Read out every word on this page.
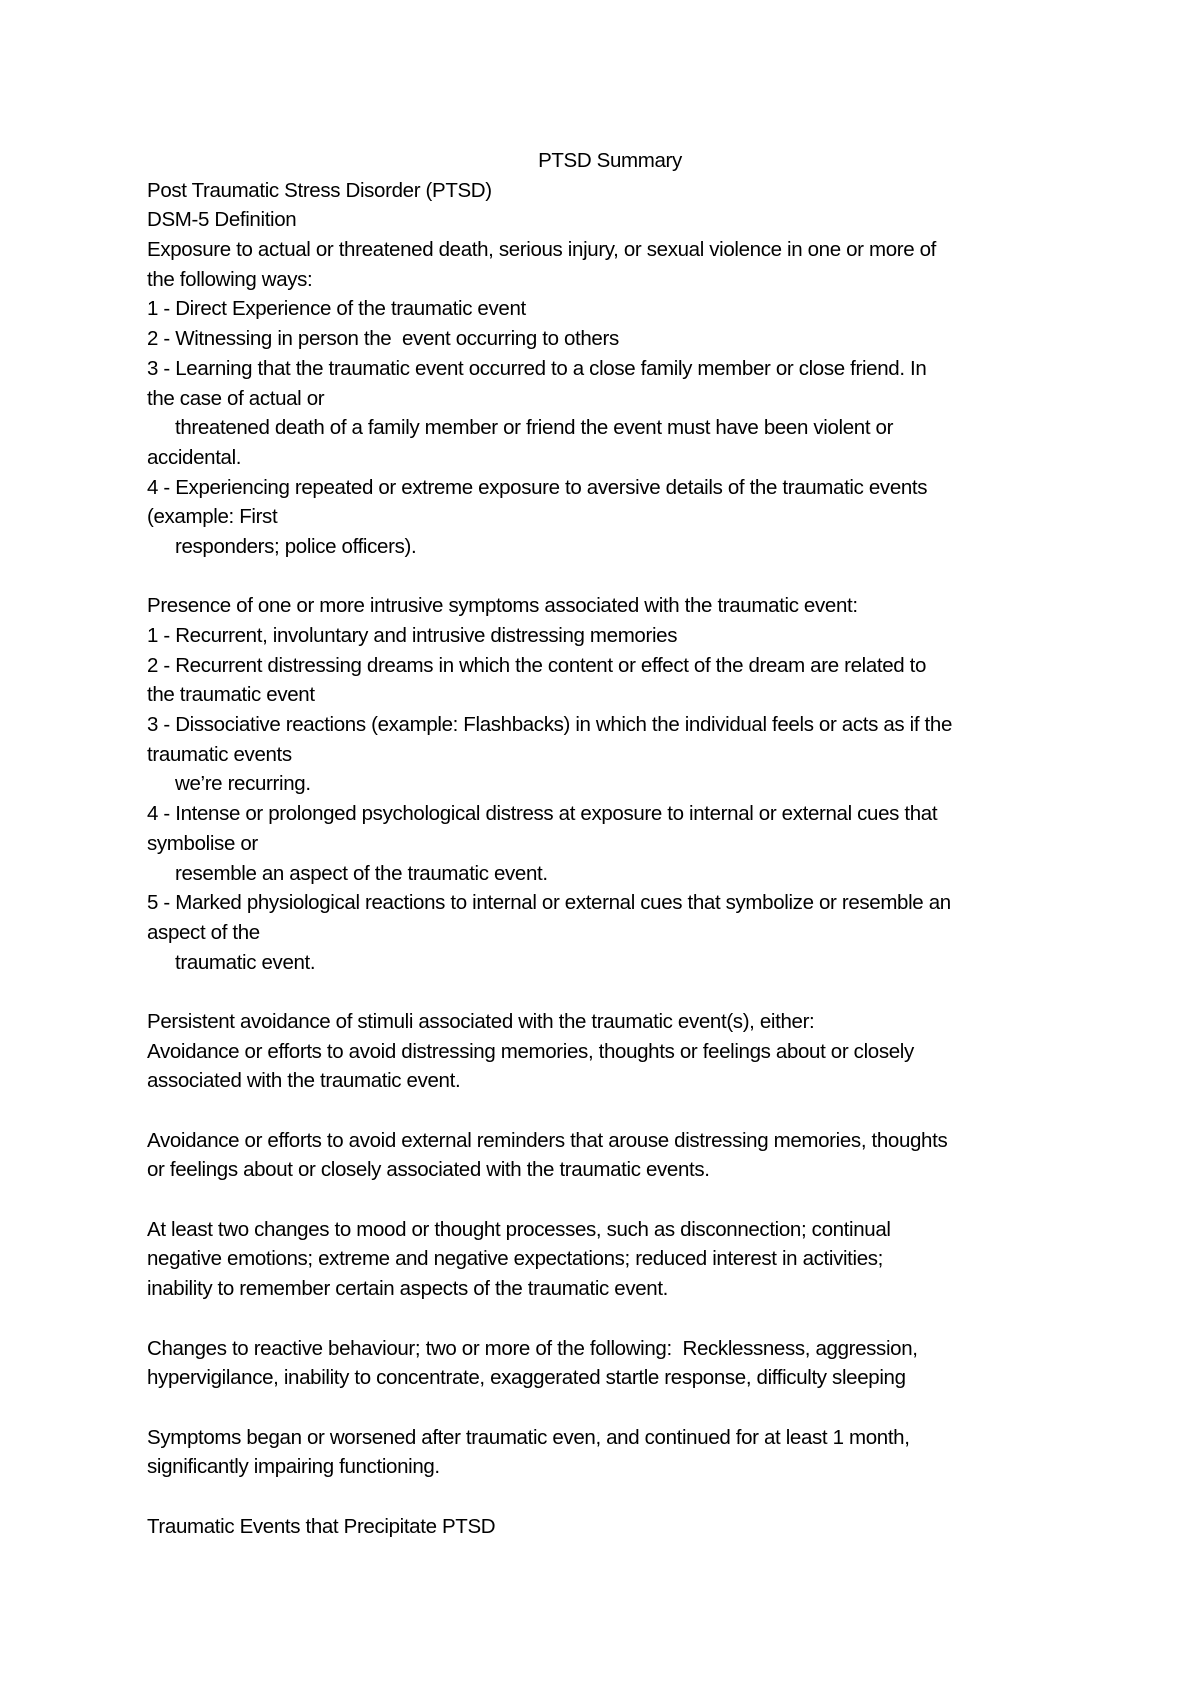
PTSD Summary
Post Traumatic Stress Disorder (PTSD)
DSM-5 Definition
Exposure to actual or threatened death, serious injury, or sexual violence in one or more of
the following ways:
1 - Direct Experience of the traumatic event
2 - Witnessing in person the  event occurring to others
3 - Learning that the traumatic event occurred to a close family member or close friend. In
the case of actual or
threatened death of a family member or friend the event must have been violent or
accidental.
4 - Experiencing repeated or extreme exposure to aversive details of the traumatic events
(example: First
responders; police officers).
Presence of one or more intrusive symptoms associated with the traumatic event:
1 - Recurrent, involuntary and intrusive distressing memories
2 - Recurrent distressing dreams in which the content or effect of the dream are related to
the traumatic event
3 - Dissociative reactions (example: Flashbacks) in which the individual feels or acts as if the
traumatic events
we’re recurring.
4 - Intense or prolonged psychological distress at exposure to internal or external cues that
symbolise or
resemble an aspect of the traumatic event.
5 - Marked physiological reactions to internal or external cues that symbolize or resemble an
aspect of the
traumatic event.
Persistent avoidance of stimuli associated with the traumatic event(s), either:
Avoidance or efforts to avoid distressing memories, thoughts or feelings about or closely
associated with the traumatic event.
Avoidance or efforts to avoid external reminders that arouse distressing memories, thoughts
or feelings about or closely associated with the traumatic events.
At least two changes to mood or thought processes, such as disconnection; continual
negative emotions; extreme and negative expectations; reduced interest in activities;
inability to remember certain aspects of the traumatic event.
Changes to reactive behaviour; two or more of the following:  Recklessness, aggression,
hypervigilance, inability to concentrate, exaggerated startle response, difficulty sleeping
Symptoms began or worsened after traumatic even, and continued for at least 1 month,
significantly impairing functioning.
Traumatic Events that Precipitate PTSD
